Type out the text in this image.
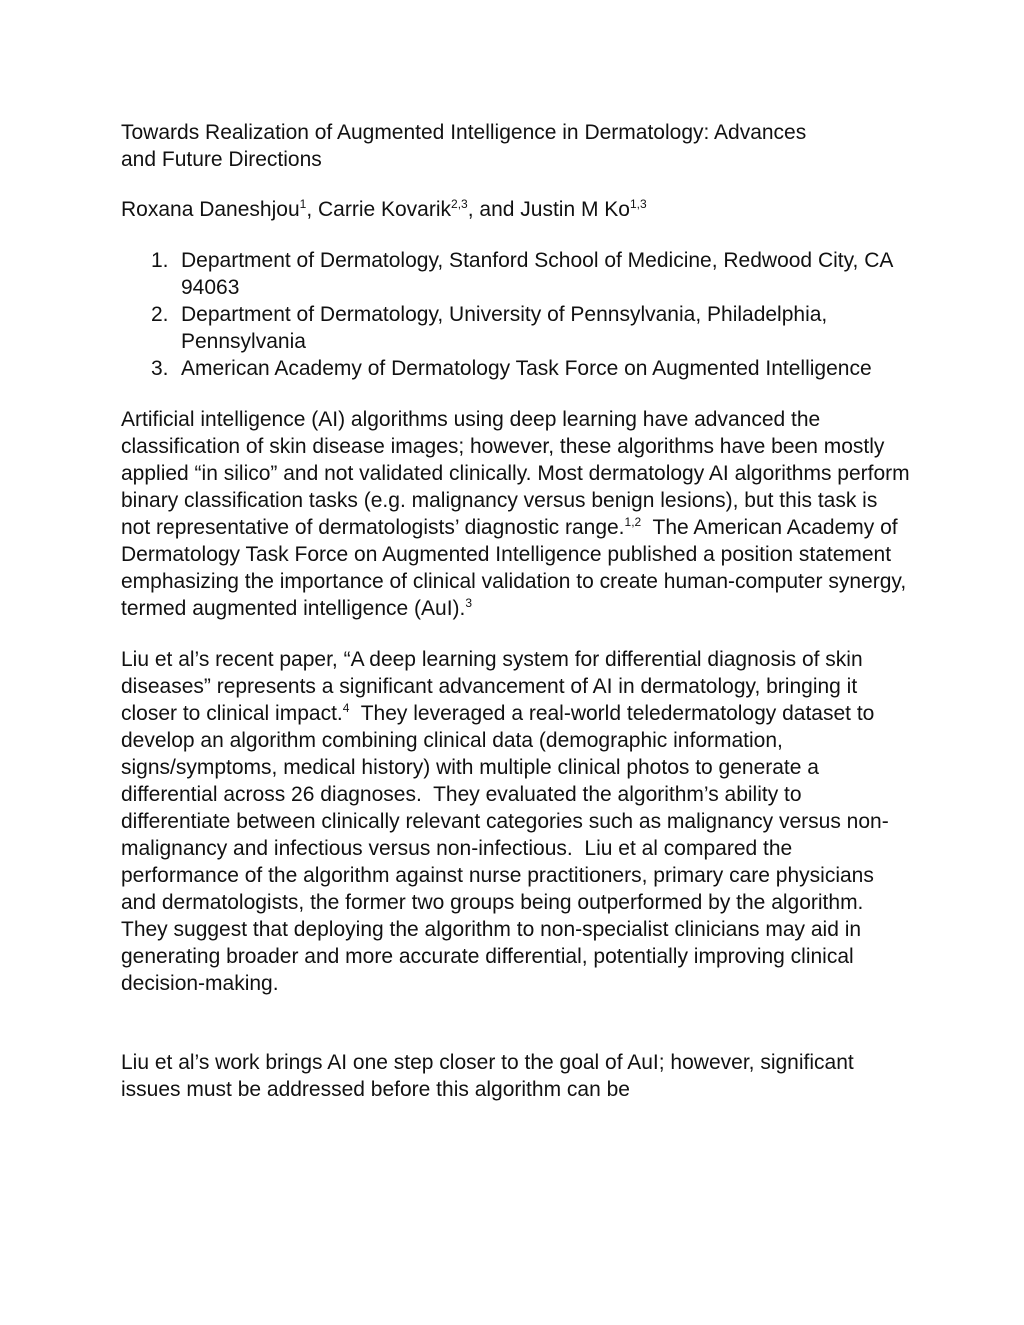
Towards Realization of Augmented Intelligence in Dermatology: Advances
and Future Directions

Roxana Daneshjou$^1$, Carrie Kovarik$^{2,3}$, and Justin M Ko$^{1,3}$

1. Department of Dermatology, Stanford School of Medicine, Redwood City, CA 94063
2. Department of Dermatology, University of Pennsylvania, Philadelphia, Pennsylvania
3. American Academy of Dermatology Task Force on Augmented Intelligence

Artificial intelligence (AI) algorithms using deep learning have advanced the classification of skin disease images; however, these algorithms have been mostly applied “in silico” and not validated clinically. Most dermatology AI algorithms perform binary classification tasks (e.g. malignancy versus benign lesions), but this task is not representative of dermatologists’ diagnostic range.$^{1,2}$  The American Academy of Dermatology Task Force on Augmented Intelligence published a position statement emphasizing the importance of clinical validation to create human-computer synergy, termed augmented intelligence (AuI).$^3$

Liu et al’s recent paper, “A deep learning system for differential diagnosis of skin diseases” represents a significant advancement of AI in dermatology, bringing it closer to clinical impact.$^4$  They leveraged a real-world teledermatology dataset to develop an algorithm combining clinical data (demographic information, signs/symptoms, medical history) with multiple clinical photos to generate a differential across 26 diagnoses.  They evaluated the algorithm’s ability to differentiate between clinically relevant categories such as malignancy versus non-malignancy and infectious versus non-infectious.  Liu et al compared the performance of the algorithm against nurse practitioners, primary care physicians and dermatologists, the former two groups being outperformed by the algorithm.  They suggest that deploying the algorithm to non-specialist clinicians may aid in generating broader and more accurate differential, potentially improving clinical decision-making.

Liu et al’s work brings AI one step closer to the goal of AuI; however, significant issues must be addressed before this algorithm can be
